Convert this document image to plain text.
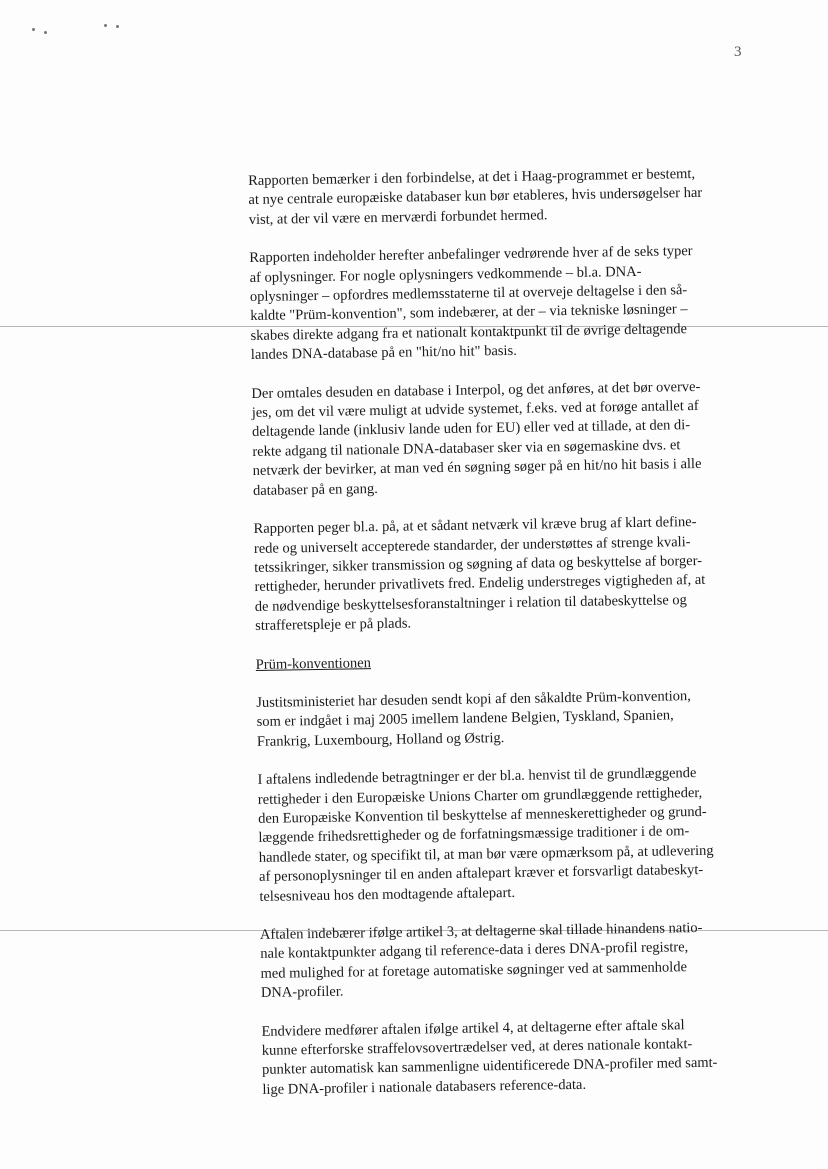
3
Rapporten bemærker i den forbindelse, at det i Haag-programmet er bestemt,
at nye centrale europæiske databaser kun bør etableres, hvis undersøgelser har
vist, at der vil være en merværdi forbundet hermed.
Rapporten indeholder herefter anbefalinger vedrørende hver af de seks typer
af oplysninger. For nogle oplysningers vedkommende – bl.a. DNA-
oplysninger – opfordres medlemsstaterne til at overveje deltagelse i den så-
kaldte "Prüm-konvention", som indebærer, at der – via tekniske løsninger –
skabes direkte adgang fra et nationalt kontaktpunkt til de øvrige deltagende
landes DNA-database på en "hit/no hit" basis.
Der omtales desuden en database i Interpol, og det anføres, at det bør overve-
jes, om det vil være muligt at udvide systemet, f.eks. ved at forøge antallet af
deltagende lande (inklusiv lande uden for EU) eller ved at tillade, at den di-
rekte adgang til nationale DNA-databaser sker via en søgemaskine dvs. et
netværk der bevirker, at man ved én søgning søger på en hit/no hit basis i alle
databaser på en gang.
Rapporten peger bl.a. på, at et sådant netværk vil kræve brug af klart define-
rede og universelt accepterede standarder, der understøttes af strenge kvali-
tetssikringer, sikker transmission og søgning af data og beskyttelse af borger-
rettigheder, herunder privatlivets fred. Endelig understreges vigtigheden af, at
de nødvendige beskyttelsesforanstaltninger i relation til databeskyttelse og
strafferetspleje er på plads.
Prüm-konventionen
Justitsministeriet har desuden sendt kopi af den såkaldte Prüm-konvention,
som er indgået i maj 2005 imellem landene Belgien, Tyskland, Spanien,
Frankrig, Luxembourg, Holland og Østrig.
I aftalens indledende betragtninger er der bl.a. henvist til de grundlæggende
rettigheder i den Europæiske Unions Charter om grundlæggende rettigheder,
den Europæiske Konvention til beskyttelse af menneskerettigheder og grund-
læggende frihedsrettigheder og de forfatningsmæssige traditioner i de om-
handlede stater, og specifikt til, at man bør være opmærksom på, at udlevering
af personoplysninger til en anden aftalepart kræver et forsvarligt databeskyt-
telsesniveau hos den modtagende aftalepart.
Aftalen indebærer ifølge artikel 3, at deltagerne skal tillade hinandens natio-
nale kontaktpunkter adgang til reference-data i deres DNA-profil registre,
med mulighed for at foretage automatiske søgninger ved at sammenholde
DNA-profiler.
Endvidere medfører aftalen ifølge artikel 4, at deltagerne efter aftale skal
kunne efterforske straffelovsovertrædelser ved, at deres nationale kontakt-
punkter automatisk kan sammenligne uidentificerede DNA-profiler med samt-
lige DNA-profiler i nationale databasers reference-data.
